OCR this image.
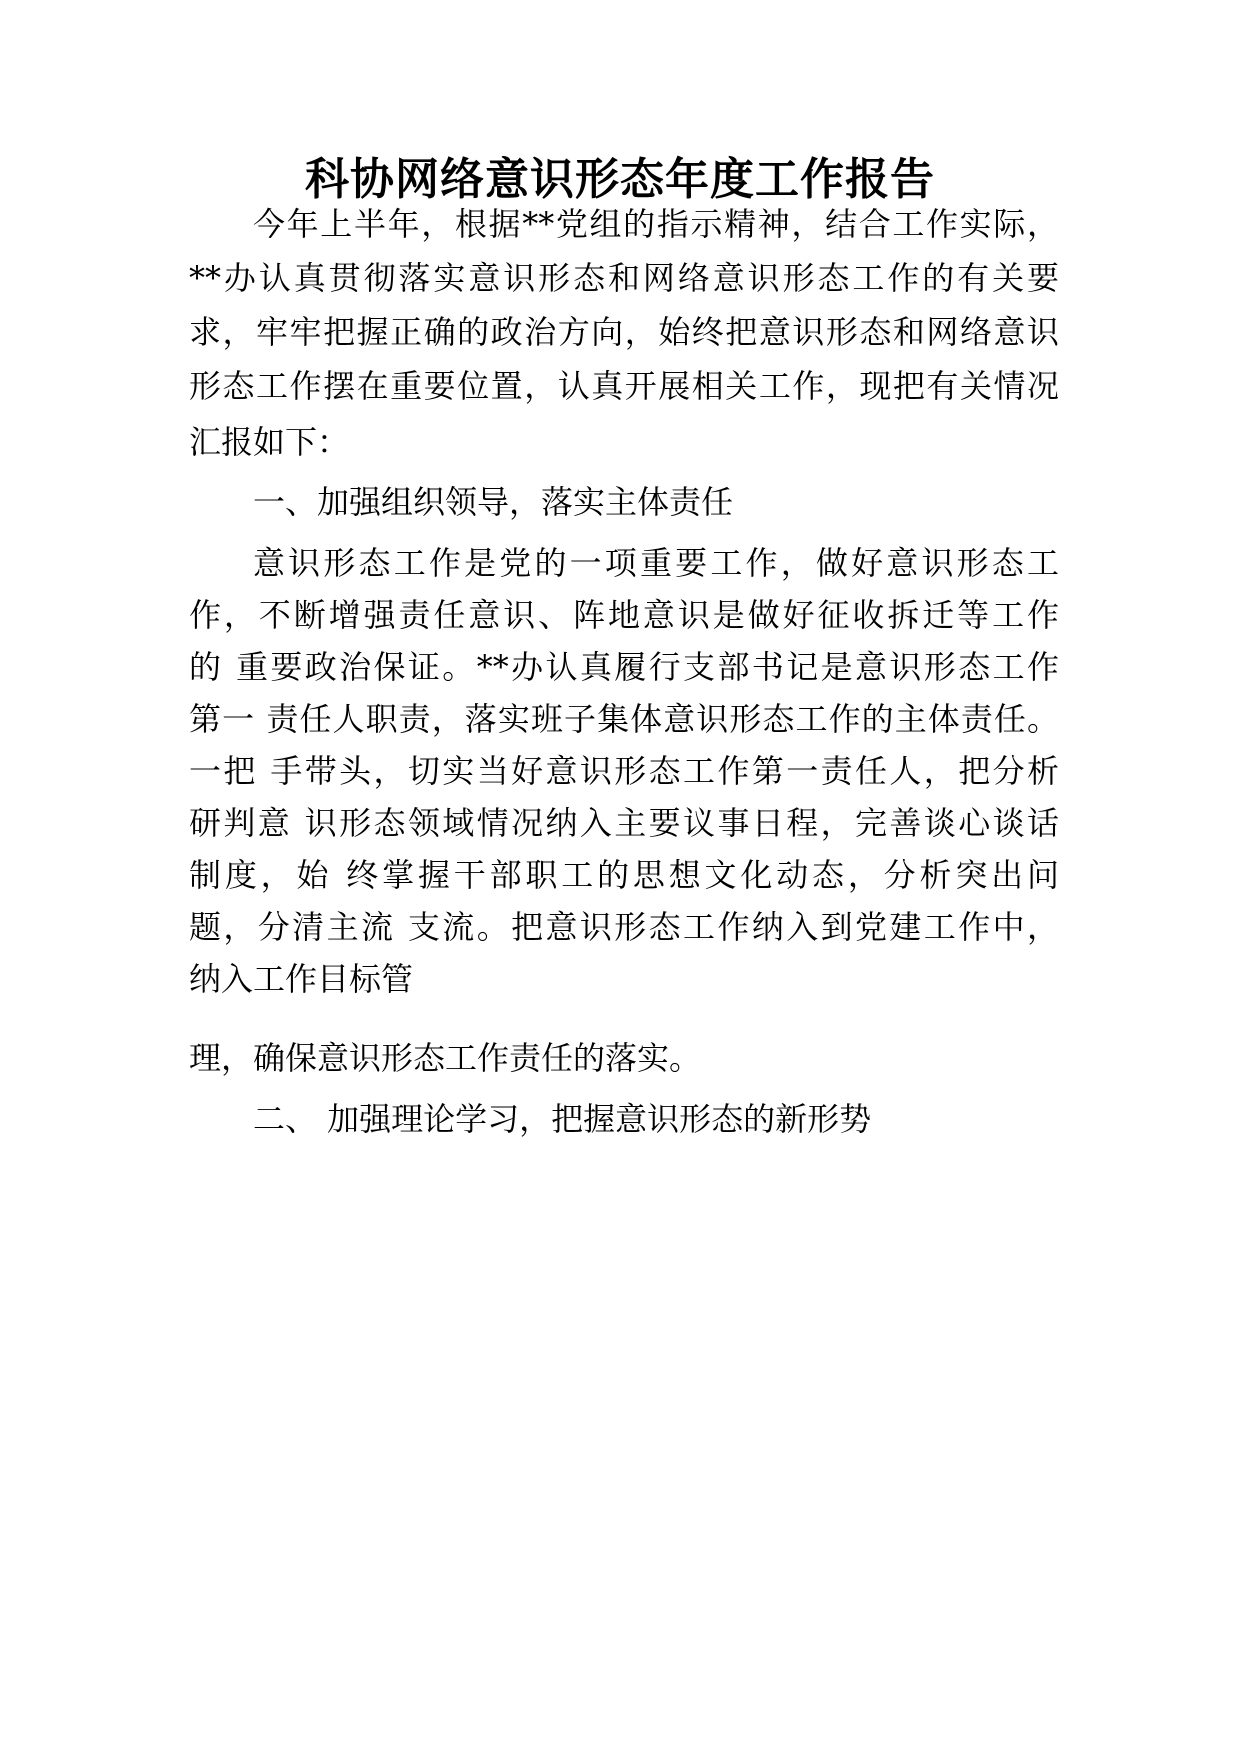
科协网络意识形态年度工作报告

今年上半年，根据**党组的指示精神，结合工作实际，

**办认真贯彻落实意识形态和网络意识形态工作的有关要

求，牢牢把握正确的政治方向，始终把意识形态和网络意识

形态工作摆在重要位置，认真开展相关工作，现把有关情况

汇报如下：

一、加强组织领导，落实主体责任

意识形态工作是党的一项重要工作，做好意识形态工

作，不断增强责任意识、阵地意识是做好征收拆迁等工作

的 重要政治保证。**办认真履行支部书记是意识形态工作

第一 责任人职责，落实班子集体意识形态工作的主体责任。

一把 手带头，切实当好意识形态工作第一责任人，把分析

研判意 识形态领域情况纳入主要议事日程，完善谈心谈话

制度，始 终掌握干部职工的思想文化动态，分析突出问

题，分清主流 支流。把意识形态工作纳入到党建工作中，

纳入工作目标管

理，确保意识形态工作责任的落实。

二、 加强理论学习，把握意识形态的新形势
